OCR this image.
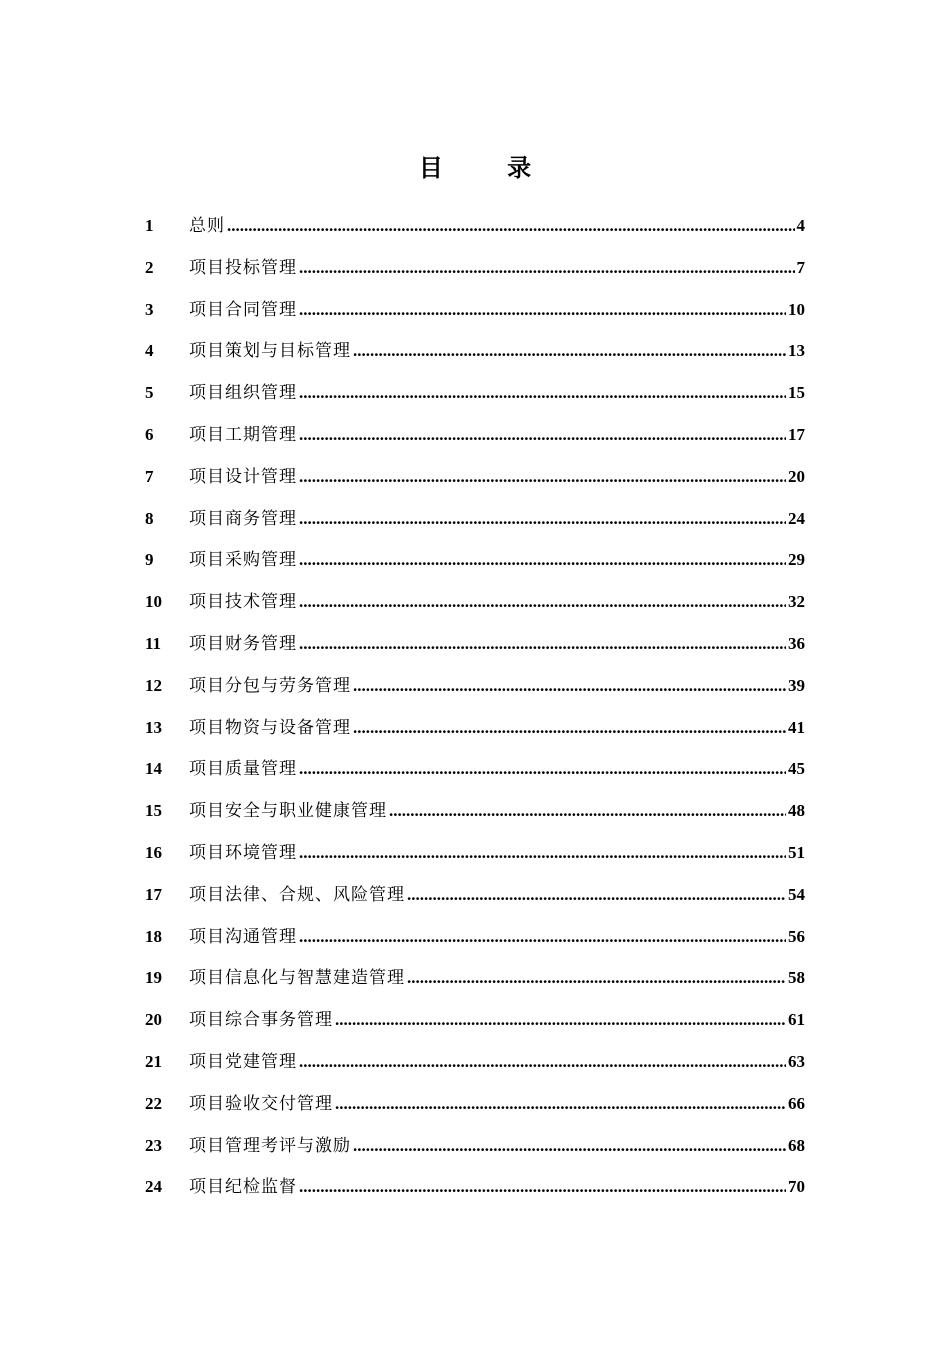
目 录
1	总则 .....	4
2	项目投标管理 .....	7
3	项目合同管理 .....	10
4	项目策划与目标管理 .....	13
5	项目组织管理 .....	15
6	项目工期管理 .....	17
7	项目设计管理 .....	20
8	项目商务管理 .....	24
9	项目采购管理 .....	29
10	项目技术管理 .....	32
11	项目财务管理 .....	36
12	项目分包与劳务管理 .....	39
13	项目物资与设备管理 .....	41
14	项目质量管理 .....	45
15	项目安全与职业健康管理 .....	48
16	项目环境管理 .....	51
17	项目法律、合规、风险管理 .....	54
18	项目沟通管理 .....	56
19	项目信息化与智慧建造管理 .....	58
20	项目综合事务管理 .....	61
21	项目党建管理 .....	63
22	项目验收交付管理 .....	66
23	项目管理考评与激励 .....	68
24	项目纪检监督 .....	70
